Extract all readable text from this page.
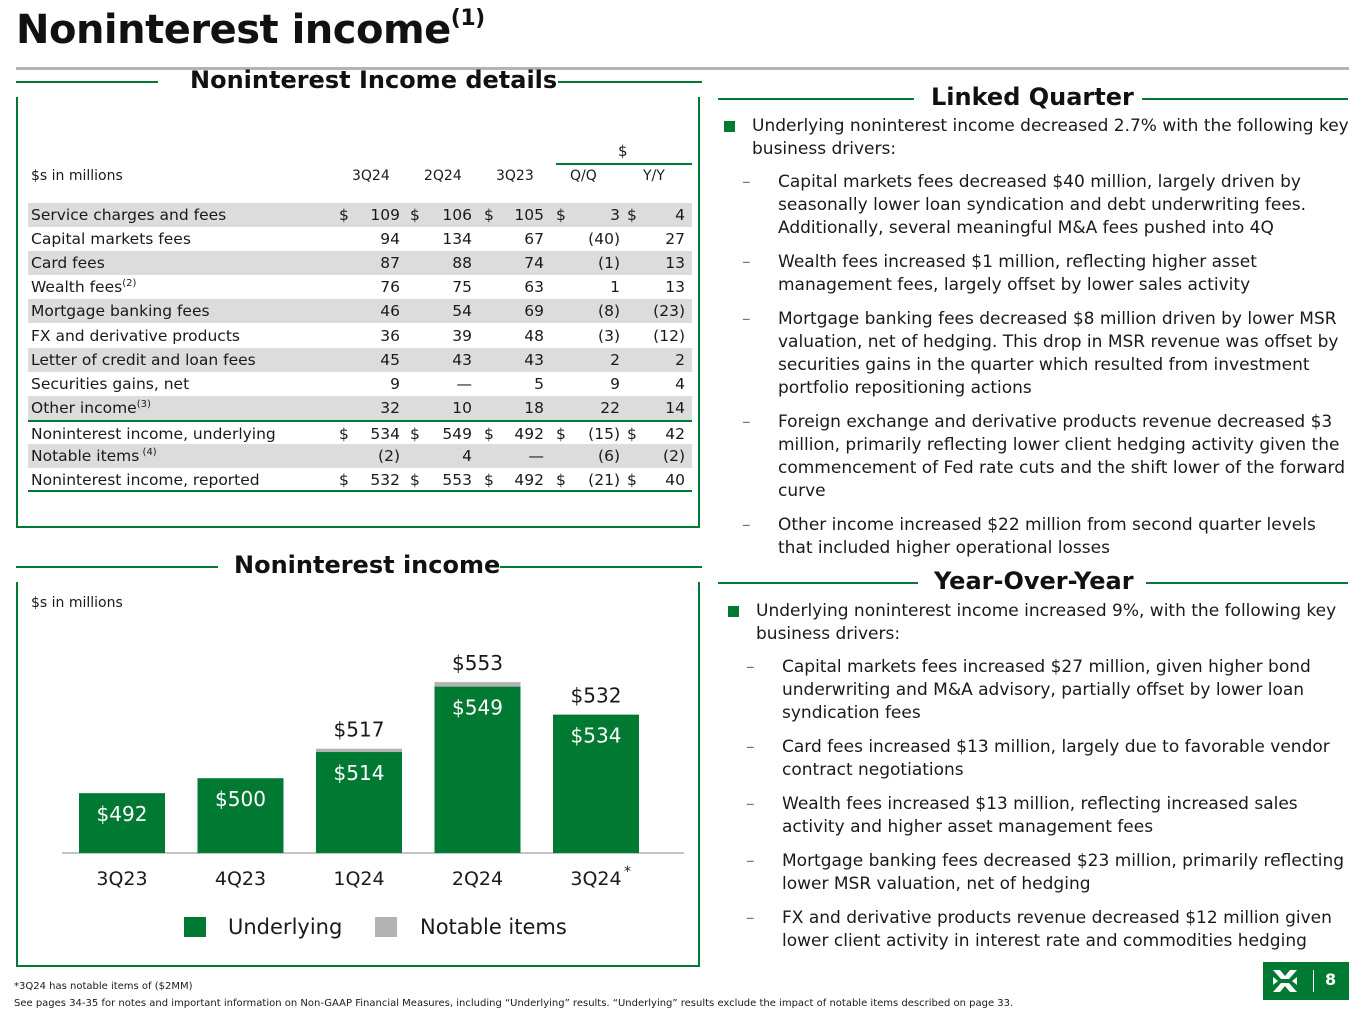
Noninterest income$^{(1)}$
Noninterest Income details
$
$s in millions	3Q24 2Q24 3Q23	Q/Q	Y/Y
Service charges and fees	$ 109 $ 106 $ 105 $	3 $ 4
Capital markets fees	94	134	67	(40)	27
Card fees	87	88	74	(1)	13
Wealth fees$^{(2)}$	76	75	63	1	13
Mortgage banking fees	46	54	69	(8) (23)
FX and derivative products	36	39	48	(3) (12)
Letter of credit and loan fees	45	43	43	2	2
Securities gains, net	9	—	5	9	4
Other income$^{(3)}$	32	10	18	22	14
Noninterest income, underlying	$ 534 $ 549 $ 492 $ (15) $ 42
Notable items $^{(4)}$	(2)	4	—	(6)	(2)
Noninterest income, reported	$ 532 $ 553 $ 492 $ (21) $ 40
Noninterest income
$s in millions
$492
3Q23
$500
4Q23
$514
$517
1Q24
$549
$553
2Q24
$534
$532
3Q24 *
Underlying	Notable items
Linked Quarter
Underlying noninterest income decreased 2.7% with the following key business drivers:
– Capital markets fees decreased $40 million, largely driven by seasonally lower loan syndication and debt underwriting fees. Additionally, several meaningful M&A fees pushed into 4Q
– Wealth fees increased $1 million, reflecting higher asset management fees, largely offset by lower sales activity
– Mortgage banking fees decreased $8 million driven by lower MSR valuation, net of hedging. This drop in MSR revenue was offset by securities gains in the quarter which resulted from investment portfolio repositioning actions
– Foreign exchange and derivative products revenue decreased $3 million, primarily reflecting lower client hedging activity given the commencement of Fed rate cuts and the shift lower of the forward curve
– Other income increased $22 million from second quarter levels that included higher operational losses
Year-Over-Year
Underlying noninterest income increased 9%, with the following key business drivers:
– Capital markets fees increased $27 million, given higher bond underwriting and M&A advisory, partially offset by lower loan syndication fees
– Card fees increased $13 million, largely due to favorable vendor contract negotiations
– Wealth fees increased $13 million, reflecting increased sales activity and higher asset management fees
– Mortgage banking fees decreased $23 million, primarily reflecting lower MSR valuation, net of hedging
– FX and derivative products revenue decreased $12 million given lower client activity in interest rate and commodities hedging
*3Q24 has notable items of ($2MM)
See pages 34-35 for notes and important information on Non-GAAP Financial Measures, including “Underlying” results. “Underlying” results exclude the impact of notable items described on page 33.
8
